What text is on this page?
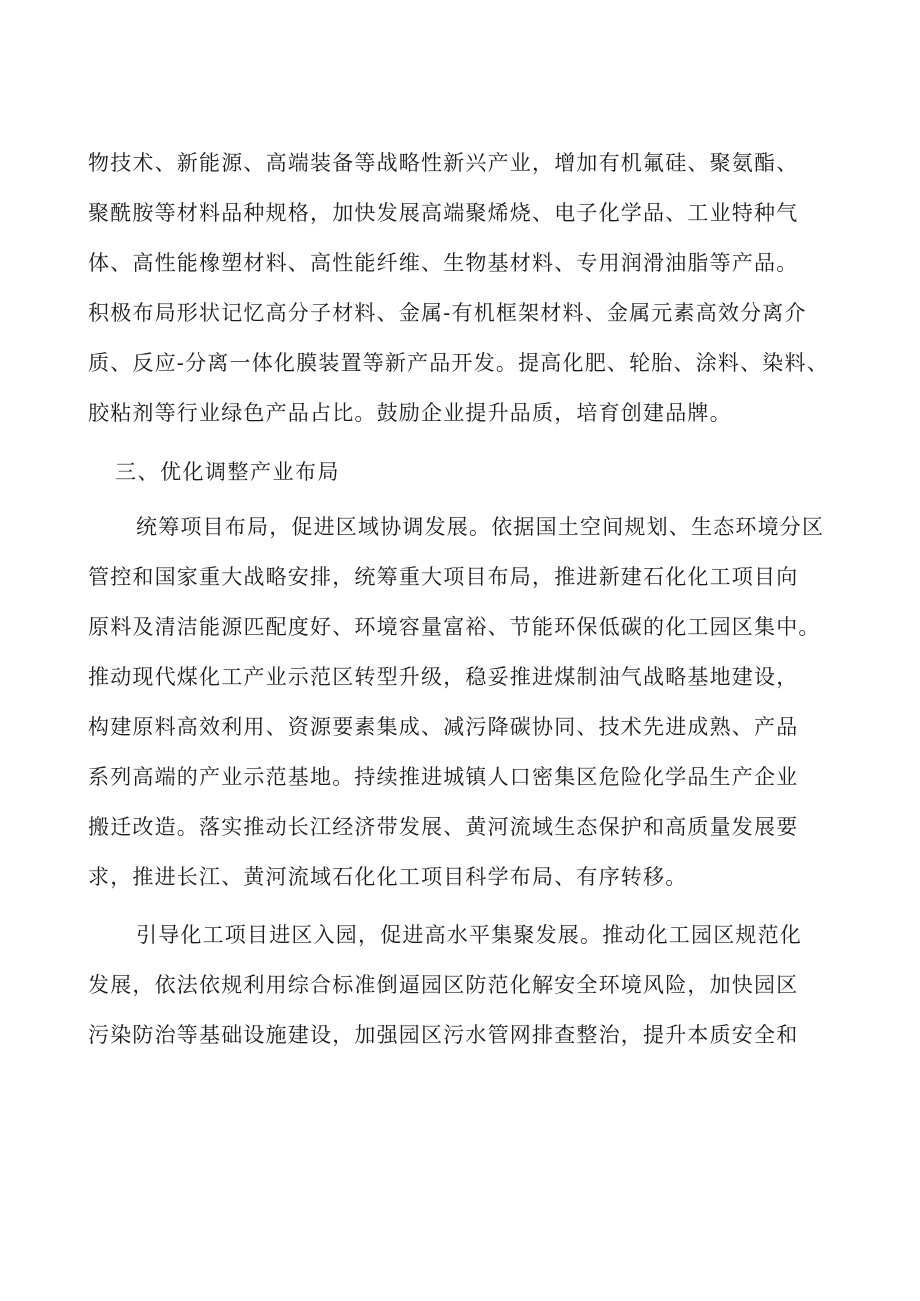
物技术、新能源、高端装备等战略性新兴产业，增加有机氟硅、聚氨酯、
聚酰胺等材料品种规格，加快发展高端聚烯烧、电子化学品、工业特种气
体、高性能橡塑材料、高性能纤维、生物基材料、专用润滑油脂等产品。
积极布局形状记忆高分子材料、金属-有机框架材料、金属元素高效分离介
质、反应-分离一体化膜装置等新产品开发。提高化肥、轮胎、涂料、染料、
胶粘剂等行业绿色产品占比。鼓励企业提升品质，培育创建品牌。
三、优化调整产业布局
统筹项目布局，促进区域协调发展。依据国土空间规划、生态环境分区
管控和国家重大战略安排，统筹重大项目布局，推进新建石化化工项目向
原料及清洁能源匹配度好、环境容量富裕、节能环保低碳的化工园区集中。
推动现代煤化工产业示范区转型升级，稳妥推进煤制油气战略基地建设，
构建原料高效利用、资源要素集成、减污降碳协同、技术先进成熟、产品
系列高端的产业示范基地。持续推进城镇人口密集区危险化学品生产企业
搬迁改造。落实推动长江经济带发展、黄河流域生态保护和高质量发展要
求，推进长江、黄河流域石化化工项目科学布局、有序转移。
引导化工项目进区入园，促进高水平集聚发展。推动化工园区规范化
发展，依法依规利用综合标准倒逼园区防范化解安全环境风险，加快园区
污染防治等基础设施建设，加强园区污水管网排查整治，提升本质安全和
